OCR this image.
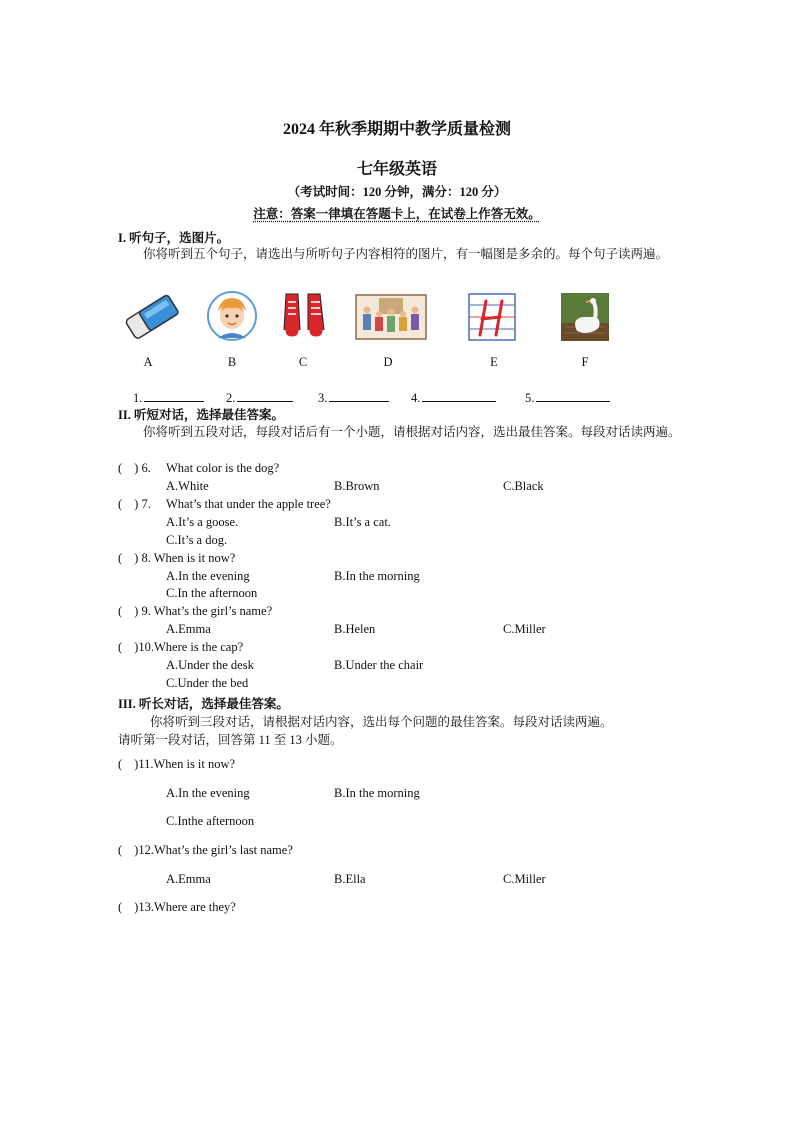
2024 年秋季期期中教学质量检测
七年级英语
（考试时间：120 分钟，满分：120 分）
注意：答案一律填在答题卡上，在试卷上作答无效。
I. 听句子，选图片。
你将听到五个句子，请选出与所听句子内容相符的图片，有一幅图是多余的。每个句子读两遍。
A	B	C	D	E	F
1.	2.	3.	4.	5.
II. 听短对话，选择最佳答案。
你将听到五段对话，每段对话后有一个小题，请根据对话内容，选出最佳答案。每段对话读两遍。
( ) 6. What color is the dog?
A.White	B.Brown	C.Black
( ) 7. What’s that under the apple tree?
A.It’s a goose.	B.It’s a cat.
C.It’s a dog.
( ) 8. When is it now?
A.In the evening	B.In the morning
C.In the afternoon
( ) 9. What’s the girl’s name?
A.Emma	B.Helen	C.Miller
( )10.Where is the cap?
A.Under the desk	B.Under the chair
C.Under the bed
III. 听长对话，选择最佳答案。
你将听到三段对话，请根据对话内容，选出每个问题的最佳答案。每段对话读两遍。
请听第一段对话，回答第 11 至 13 小题。
( )11.When is it now?
A.In the evening	B.In the morning
C.Inthe afternoon
( )12.What’s the girl’s last name?
A.Emma	B.Ella	C.Miller
( )13.Where are they?
